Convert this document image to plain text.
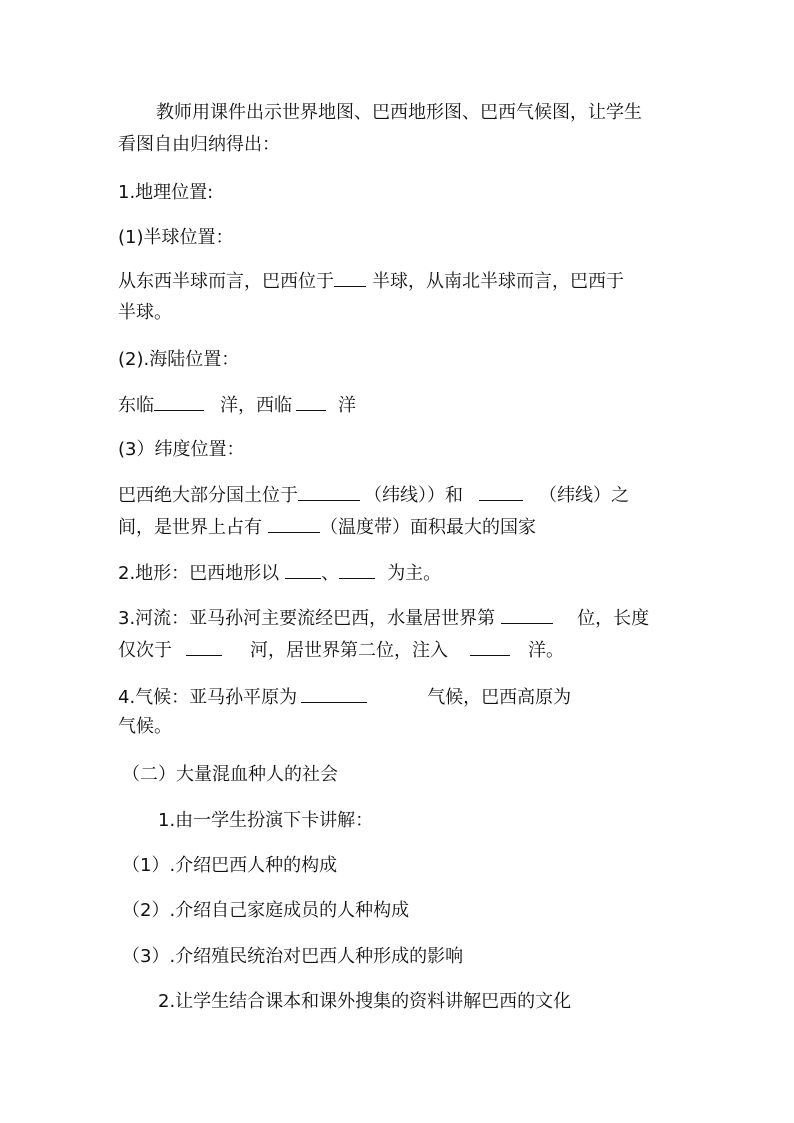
教师用课件出示世界地图、巴西地形图、巴西气候图，让学生
看图自由归纳得出：
1.地理位置:
(1)半球位置：
从东西半球而言，巴西位于 半球，从南北半球而言，巴西于
半球。
(2).海陆位置：
东临	洋，西临	洋
(3）纬度位置：
巴西绝大部分国土位于	（纬线））和	（纬线）之
间，是世界上占有	（温度带）面积最大的国家
2.地形：巴西地形以 、	为主。
3.河流：亚马孙河主要流经巴西，水量居世界第	位，长度
仅次于	河，居世界第二位，注入	洋。
4.气候：亚马孙平原为	气候，巴西高原为
气候。
（二）大量混血种人的社会
1.由一学生扮演下卡讲解：
（1）.介绍巴西人种的构成
（2）.介绍自己家庭成员的人种构成
（3）.介绍殖民统治对巴西人种形成的影响
2.让学生结合课本和课外搜集的资料讲解巴西的文化
